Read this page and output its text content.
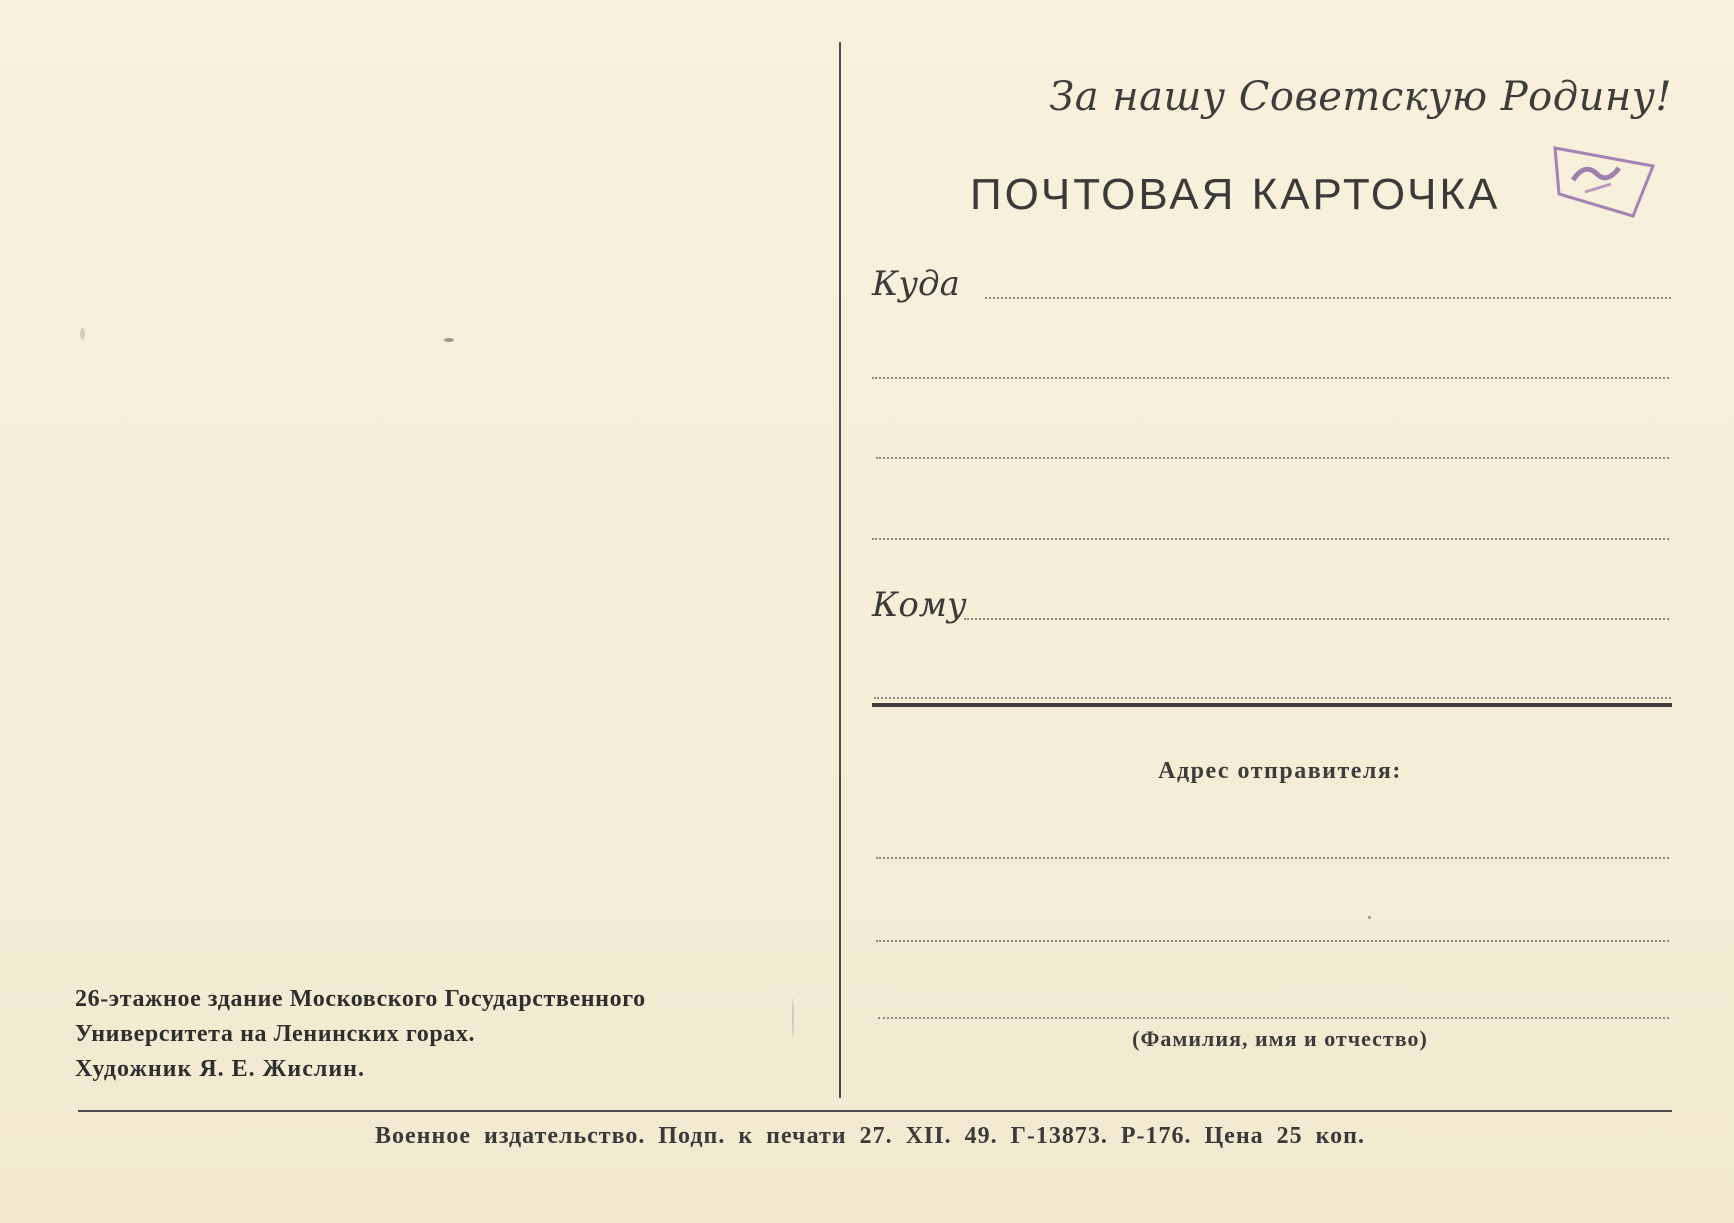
За нашу Советскую Родину!
ПОЧТОВАЯ КАРТОЧКА
Куда
Кому
Адрес отправителя:
(Фамилия, имя и отчество)
26-этажное здание Московского Государственного
Университета на Ленинских горах.
Художник Я. Е. Жислин.
Военное издательство. Подп. к печати 27. XII. 49. Г-13873. Р-176. Цена 25 коп.
